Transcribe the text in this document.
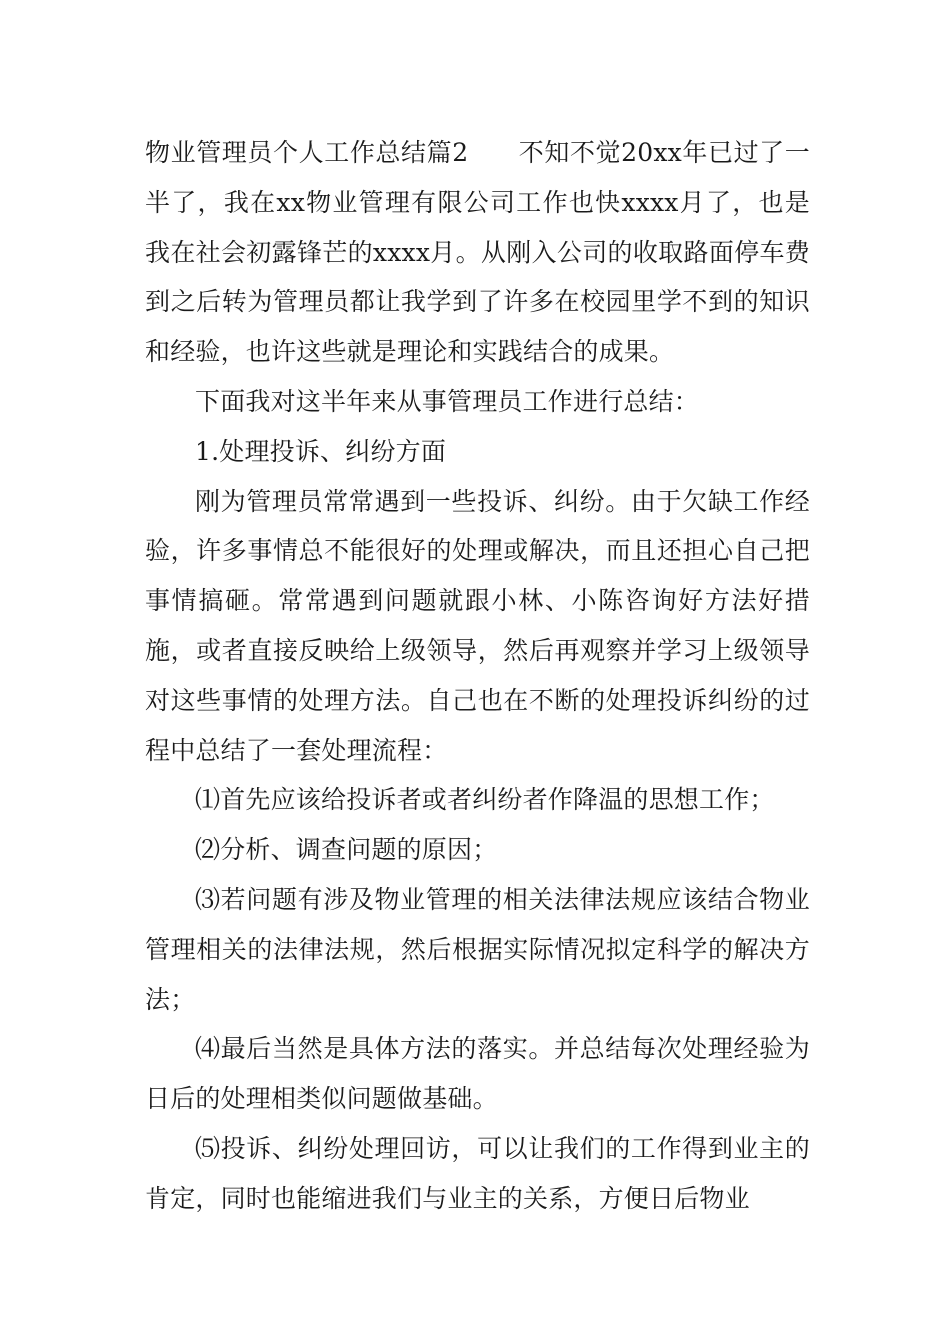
物业管理员个人工作总结篇2 不知不觉20xx年已过了一半了，我在xx物业管理有限公司工作也快xxxx月了，也是我在社会初露锋芒的xxxx月。从刚入公司的收取路面停车费到之后转为管理员都让我学到了许多在校园里学不到的知识和经验，也许这些就是理论和实践结合的成果。

下面我对这半年来从事管理员工作进行总结：

1.处理投诉、纠纷方面

刚为管理员常常遇到一些投诉、纠纷。由于欠缺工作经验，许多事情总不能很好的处理或解决，而且还担心自己把事情搞砸。常常遇到问题就跟小林、小陈咨询好方法好措施，或者直接反映给上级领导，然后再观察并学习上级领导对这些事情的处理方法。自己也在不断的处理投诉纠纷的过程中总结了一套处理流程：

⑴首先应该给投诉者或者纠纷者作降温的思想工作；

⑵分析、调查问题的原因；

⑶若问题有涉及物业管理的相关法律法规应该结合物业管理相关的法律法规，然后根据实际情况拟定科学的解决方法；

⑷最后当然是具体方法的落实。并总结每次处理经验为日后的处理相类似问题做基础。

⑸投诉、纠纷处理回访，可以让我们的工作得到业主的肯定，同时也能缩进我们与业主的关系，方便日后物业
